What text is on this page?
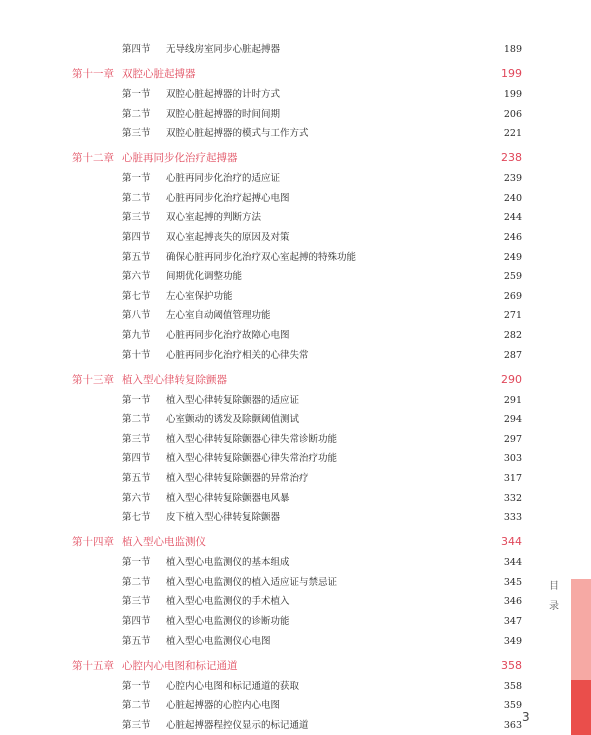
第四节 无导线房室同步心脏起搏器	189
第十一章 双腔心脏起搏器	199
第一节 双腔心脏起搏器的计时方式	199
第二节 双腔心脏起搏器的时间间期	206
第三节 双腔心脏起搏器的模式与工作方式	221
第十二章 心脏再同步化治疗起搏器	238
第一节 心脏再同步化治疗的适应证	239
第二节 心脏再同步化治疗起搏心电图	240
第三节 双心室起搏的判断方法	244
第四节 双心室起搏丧失的原因及对策	246
第五节 确保心脏再同步化治疗双心室起搏的特殊功能	249
第六节 间期优化调整功能	259
第七节 左心室保护功能	269
第八节 左心室自动阈值管理功能	271
第九节 心脏再同步化治疗故障心电图	282
第十节 心脏再同步化治疗相关的心律失常	287
第十三章 植入型心律转复除颤器	290
第一节 植入型心律转复除颤器的适应证	291
第二节 心室颤动的诱发及除颤阈值测试	294
第三节 植入型心律转复除颤器心律失常诊断功能	297
第四节 植入型心律转复除颤器心律失常治疗功能	303
第五节 植入型心律转复除颤器的异常治疗	317
第六节 植入型心律转复除颤器电风暴	332
第七节 皮下植入型心律转复除颤器	333
第十四章 植入型心电监测仪	344
第一节 植入型心电监测仪的基本组成	344
第二节 植入型心电监测仪的植入适应证与禁忌证	345
第三节 植入型心电监测仪的手术植入	346
第四节 植入型心电监测仪的诊断功能	347
第五节 植入型心电监测仪心电图	349
第十五章 心腔内心电图和标记通道	358
第一节 心腔内心电图和标记通道的获取	358
第二节 心脏起搏器的心腔内心电图	359
第三节 心脏起搏器程控仪显示的标记通道	363
目录
3
